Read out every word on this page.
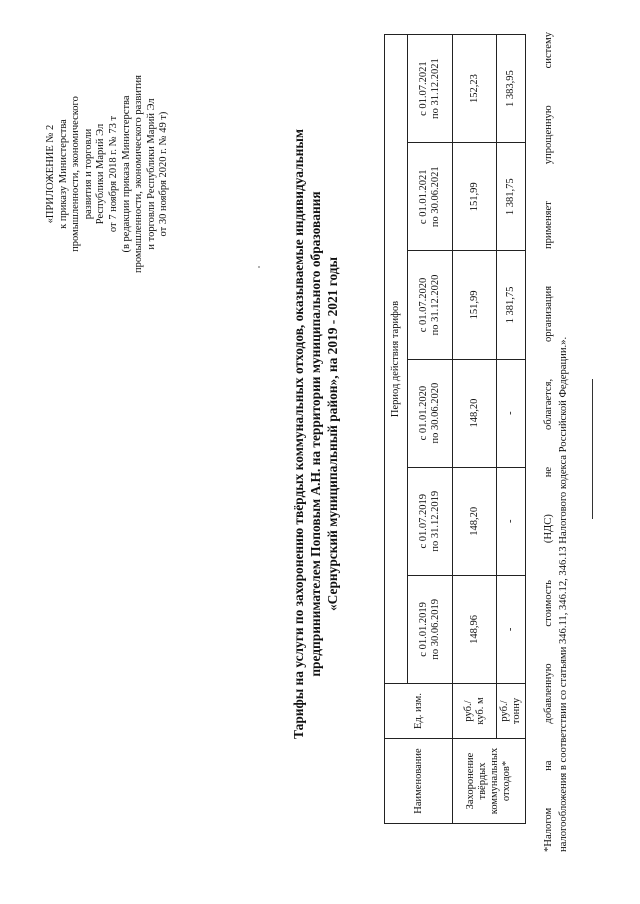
«ПРИЛОЖЕНИЕ № 2 к приказу Министерства промышленности, экономического развития и торговли Республики Марий Эл от 7 ноября 2018 г. № 73 т (в редакции приказа Министерства промышленности, экономического развития и торговли Республики Марий Эл от 30 ноября 2020 г. № 49 т)	Тарифы на услуги по захоронению твёрдых коммунальных отходов, оказываемые индивидуальным предпринимателем Поповым А.Н. на территории муниципального образования «Сернурский муниципальный район», на 2019 - 2021 годы
Наименование	Ед. изм.	Период действия тарифов					

		с 01.01.2019 по 30.06.2019	с 01.07.2019 по 31.12.2019	с 01.01.2020 по 30.06.2020	с 01.07.2020 по 31.12.2020	с 01.01.2021 по 30.06.2021	с 01.07.2021 по 31.12.2021

Захоронение твёрдых коммунальных отходов*	руб./ куб. м	148,96	148,20	148,20	151,99	151,99	152,23

	руб./ тонну	-	-	-	1 381,75	1 381,75	1 383,95	*Налогом на добавленную стоимость (НДС) не облагается, организация применяет упрощенную систему налогообложения в соответствии со статьями 346.11, 346.12, 346.13 Налогового кодекса Российской Федерации.».
